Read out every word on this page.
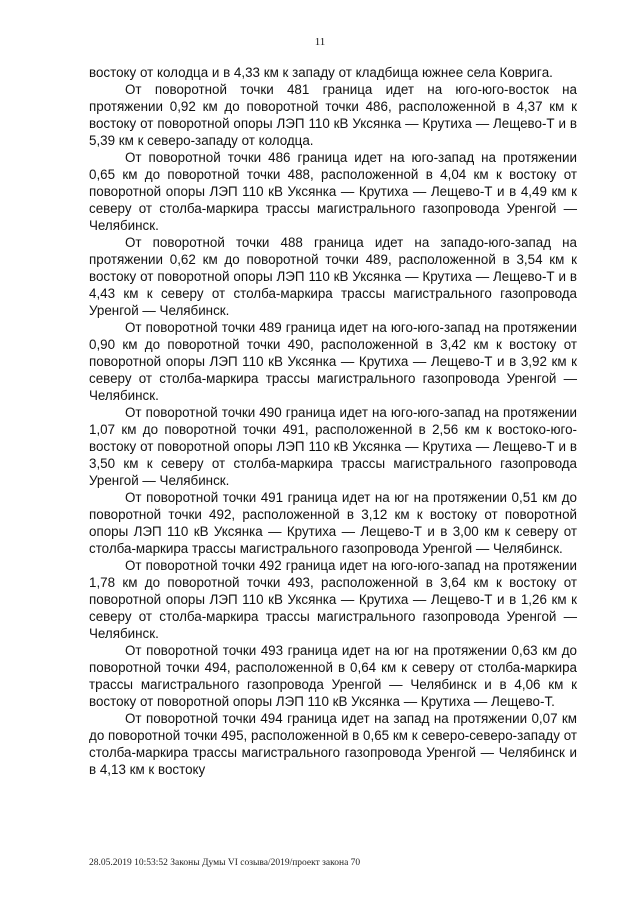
11

востоку от колодца и в 4,33 км к западу от кладбища южнее села Ковригa.

От поворотной точки 481 граница идет на юго-юго-восток на протяжении 0,92 км до поворотной точки 486, расположенной в 4,37 км к востоку от поворотной опоры ЛЭП 110 кВ Уксянка — Крутиха — Лещево-Т и в 5,39 км к северо-западу от колодца.

От поворотной точки 486 граница идет на юго-запад на протяжении 0,65 км до поворотной точки 488, расположенной в 4,04 км к востоку от поворотной опоры ЛЭП 110 кВ Уксянка — Крутиха — Лещево-Т и в 4,49 км к северу от столба-маркира трассы магистрального газопровода Уренгой — Челябинск.

От поворотной точки 488 граница идет на западо-юго-запад на протяжении 0,62 км до поворотной точки 489, расположенной в 3,54 км к востоку от поворотной опоры ЛЭП 110 кВ Уксянка — Крутиха — Лещево-Т и в 4,43 км к северу от столба-маркира трассы магистрального газопровода Уренгой — Челябинск.

От поворотной точки 489 граница идет на юго-юго-запад на протяжении 0,90 км до поворотной точки 490, расположенной в 3,42 км к востоку от поворотной опоры ЛЭП 110 кВ Уксянка — Крутиха — Лещево-Т и в 3,92 км к северу от столба-маркира трассы магистрального газопровода Уренгой — Челябинск.

От поворотной точки 490 граница идет на юго-юго-запад на протяжении 1,07 км до поворотной точки 491, расположенной в 2,56 км к востоко-юго-востоку от поворотной опоры ЛЭП 110 кВ Уксянка — Крутиха — Лещево-Т и в 3,50 км к северу от столба-маркира трассы магистрального газопровода Уренгой — Челябинск.

От поворотной точки 491 граница идет на юг на протяжении 0,51 км до поворотной точки 492, расположенной в 3,12 км к востоку от поворотной опоры ЛЭП 110 кВ Уксянка — Крутиха — Лещево-Т и в 3,00 км к северу от столба-маркира трассы магистрального газопровода Уренгой — Челябинск.

От поворотной точки 492 граница идет на юго-юго-запад на протяжении 1,78 км до поворотной точки 493, расположенной в 3,64 км к востоку от поворотной опоры ЛЭП 110 кВ Уксянка — Крутиха — Лещево-Т и в 1,26 км к северу от столба-маркира трассы магистрального газопровода Уренгой — Челябинск.

От поворотной точки 493 граница идет на юг на протяжении 0,63 км до поворотной точки 494, расположенной в 0,64 км к северу от столба-маркира трассы магистрального газопровода Уренгой — Челябинск и в 4,06 км к востоку от поворотной опоры ЛЭП 110 кВ Уксянка — Крутиха — Лещево-Т.

От поворотной точки 494 граница идет на запад на протяжении 0,07 км до поворотной точки 495, расположенной в 0,65 км к северо-северо-западу от столба-маркира трассы магистрального газопровода Уренгой — Челябинск и в 4,13 км к востоку

28.05.2019 10:53:52 Законы Думы VI созыва/2019/проект закона 70
